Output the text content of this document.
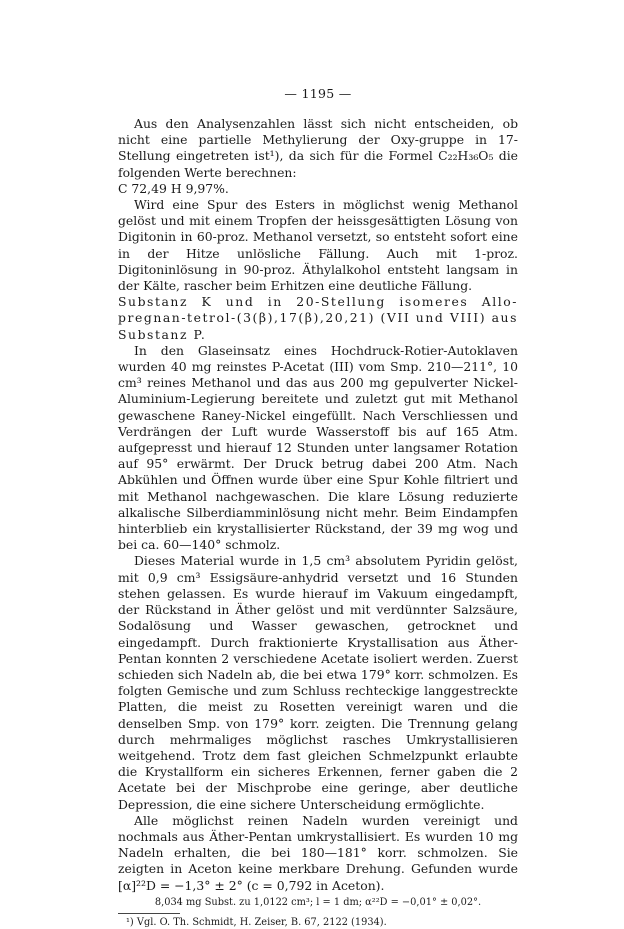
— 1195 —

Aus den Analysenzahlen lässt sich nicht entscheiden, ob nicht eine partielle Methylierung der Oxy-gruppe in 17-Stellung eingetreten ist¹), da sich für die Formel C₂₂H₃₆O₅ die folgenden Werte berechnen:

C 72,49 H 9,97%.

Wird eine Spur des Esters in möglichst wenig Methanol gelöst und mit einem Tropfen der heissgesättigten Lösung von Digitonin in 60-proz. Methanol versetzt, so entsteht sofort eine in der Hitze unlösliche Fällung. Auch mit 1-proz. Digitoninlösung in 90-proz. Äthylalkohol entsteht langsam in der Kälte, rascher beim Erhitzen eine deutliche Fällung.

Substanz K und in 20-Stellung isomeres Allo-pregnan-tetrol-(3(β),17(β),20,21) (VII und VIII) aus Substanz P.

In den Glaseinsatz eines Hochdruck-Rotier-Autoklaven wurden 40 mg reinstes P-Acetat (III) vom Smp. 210—211°, 10 cm³ reines Methanol und das aus 200 mg gepulverter Nickel-Aluminium-Legierung bereitete und zuletzt gut mit Methanol gewaschene Raney-Nickel eingefüllt. Nach Verschliessen und Verdrängen der Luft wurde Wasserstoff bis auf 165 Atm. aufgepresst und hierauf 12 Stunden unter langsamer Rotation auf 95° erwärmt. Der Druck betrug dabei 200 Atm. Nach Abkühlen und Öffnen wurde über eine Spur Kohle filtriert und mit Methanol nachgewaschen. Die klare Lösung reduzierte alkalische Silberdiamminlösung nicht mehr. Beim Eindampfen hinterblieb ein krystallisierter Rückstand, der 39 mg wog und bei ca. 60—140° schmolz.

Dieses Material wurde in 1,5 cm³ absolutem Pyridin gelöst, mit 0,9 cm³ Essigsäure-anhydrid versetzt und 16 Stunden stehen gelassen. Es wurde hierauf im Vakuum eingedampft, der Rückstand in Äther gelöst und mit verdünnter Salzsäure, Sodalösung und Wasser gewaschen, getrocknet und eingedampft. Durch fraktionierte Krystallisation aus Äther-Pentan konnten 2 verschiedene Acetate isoliert werden. Zuerst schieden sich Nadeln ab, die bei etwa 179° korr. schmolzen. Es folgten Gemische und zum Schluss rechteckige langgestreckte Platten, die meist zu Rosetten vereinigt waren und die denselben Smp. von 179° korr. zeigten. Die Trennung gelang durch mehrmaliges möglichst rasches Umkrystallisieren weitgehend. Trotz dem fast gleichen Schmelzpunkt erlaubte die Krystallform ein sicheres Erkennen, ferner gaben die 2 Acetate bei der Mischprobe eine geringe, aber deutliche Depression, die eine sichere Unterscheidung ermöglichte.

Alle möglichst reinen Nadeln wurden vereinigt und nochmals aus Äther-Pentan umkrystallisiert. Es wurden 10 mg Nadeln erhalten, die bei 180—181° korr. schmolzen. Sie zeigten in Aceton keine merkbare Drehung. Gefunden wurde [α]²²D = −1,3° ± 2° (c = 0,792 in Aceton).

8,034 mg Subst. zu 1,0122 cm³; l = 1 dm; α²²D = −0,01° ± 0,02°.

¹) Vgl. O. Th. Schmidt, H. Zeiser, B. 67, 2122 (1934).
